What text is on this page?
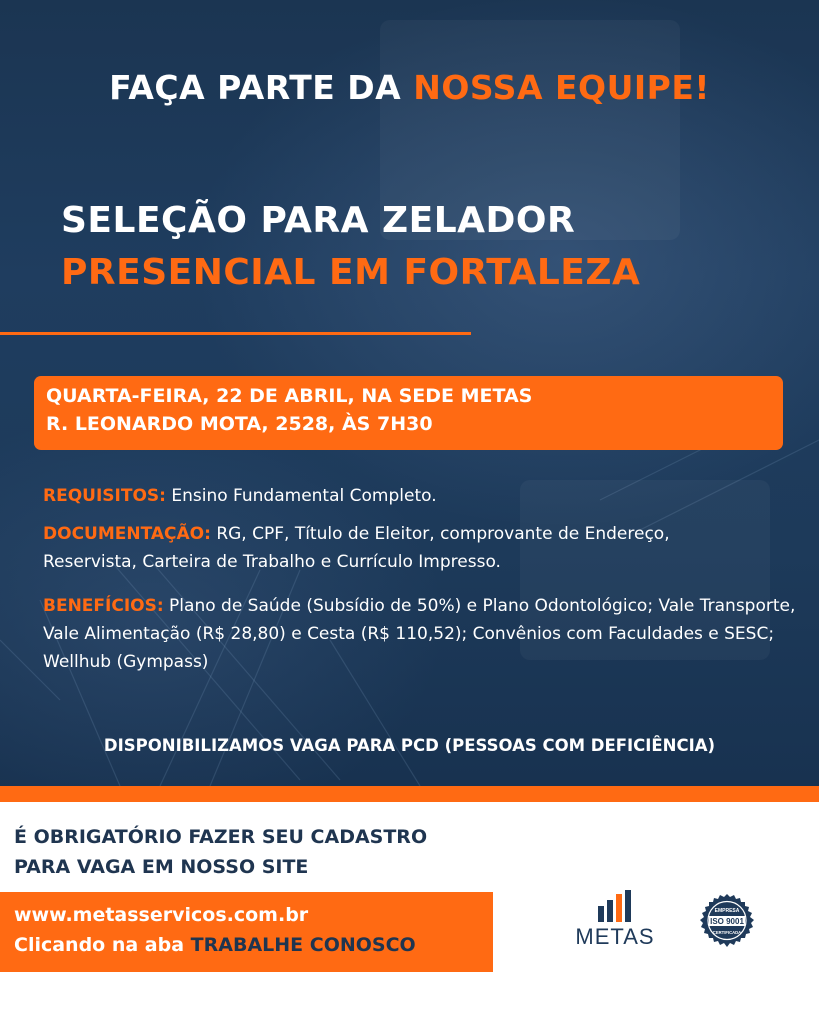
FAÇA PARTE DA NOSSA EQUIPE!
SELEÇÃO PARA ZELADOR
PRESENCIAL EM FORTALEZA
QUARTA-FEIRA, 22 DE ABRIL, NA SEDE METAS
R. LEONARDO MOTA, 2528, ÀS 7H30
REQUISITOS: Ensino Fundamental Completo.
DOCUMENTAÇÃO: RG, CPF, Título de Eleitor, comprovante de Endereço, Reservista, Carteira de Trabalho e Currículo Impresso.
BENEFÍCIOS: Plano de Saúde (Subsídio de 50%) e Plano Odontológico; Vale Transporte, Vale Alimentação (R$ 28,80) e Cesta (R$ 110,52); Convênios com Faculdades e SESC; Wellhub (Gympass)
DISPONIBILIZAMOS VAGA PARA PCD (PESSOAS COM DEFICIÊNCIA)
É OBRIGATÓRIO FAZER SEU CADASTRO
PARA VAGA EM NOSSO SITE
www.metasservicos.com.br
Clicando na aba TRABALHE CONOSCO	METAS
ISO 9001
EMPRESA
CERTIFICADA
